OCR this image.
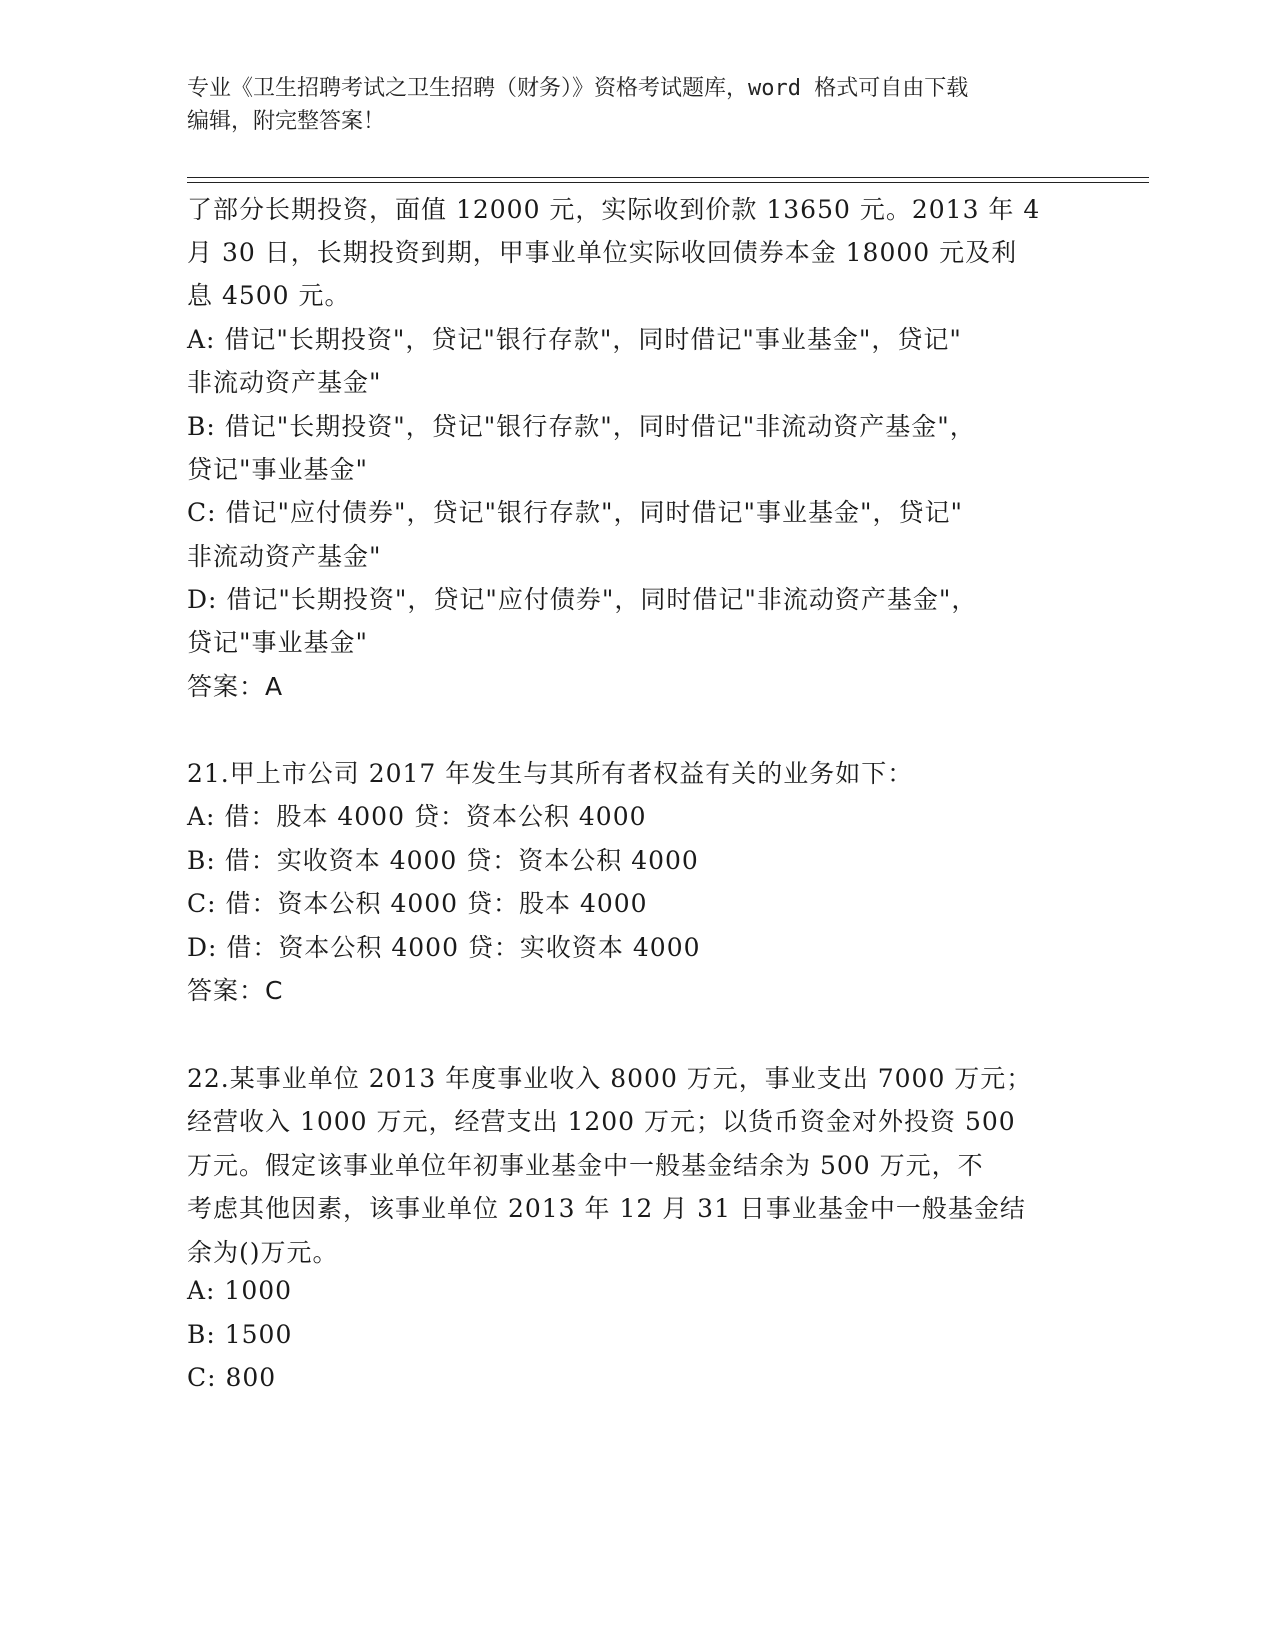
专业《卫生招聘考试之卫生招聘（财务）》资格考试题库，word 格式可自由下载

编辑，附完整答案！

了部分长期投资，面值 12000 元，实际收到价款 13650 元。2013 年 4
月 30 日，长期投资到期，甲事业单位实际收回债券本金 18000 元及利
息 4500 元。
A: 借记"长期投资"，贷记"银行存款"，同时借记"事业基金"，贷记"
非流动资产基金"
B: 借记"长期投资"，贷记"银行存款"，同时借记"非流动资产基金"，
贷记"事业基金"
C: 借记"应付债券"，贷记"银行存款"，同时借记"事业基金"，贷记"
非流动资产基金"
D: 借记"长期投资"，贷记"应付债券"，同时借记"非流动资产基金"，
贷记"事业基金"
答案：A
21.甲上市公司 2017 年发生与其所有者权益有关的业务如下：
A: 借：股本 4000 贷：资本公积 4000
B: 借：实收资本 4000 贷：资本公积 4000
C: 借：资本公积 4000 贷：股本 4000
D: 借：资本公积 4000 贷：实收资本 4000
答案：C
22.某事业单位 2013 年度事业收入 8000 万元，事业支出 7000 万元；
经营收入 1000 万元，经营支出 1200 万元；以货币资金对外投资 500
万元。假定该事业单位年初事业基金中一般基金结余为 500 万元，不
考虑其他因素，该事业单位 2013 年 12 月 31 日事业基金中一般基金结
余为()万元。
A: 1000
B: 1500
C: 800
